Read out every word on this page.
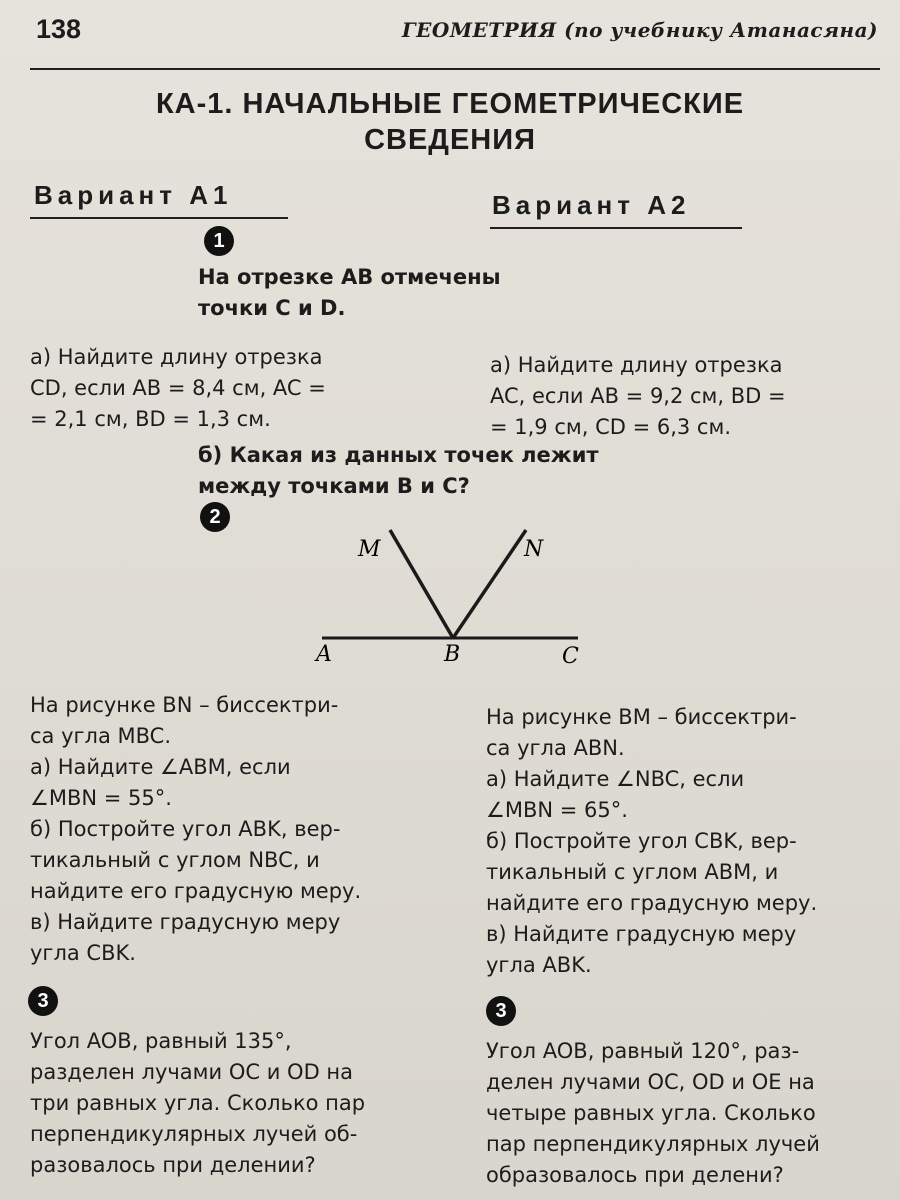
138	ГЕОМЕТРИЯ (по учебнику Атанасяна)
КА-1. НАЧАЛЬНЫЕ ГЕОМЕТРИЧЕСКИЕ
СВЕДЕНИЯ
Вариант А1	Вариант А2
1
На отрезке AB отмечены
точки C и D.
а) Найдите длину отрезка
CD, если AB = 8,4 см, AC =
= 2,1 см, BD = 1,3 см.
а) Найдите длину отрезка
AC, если AB = 9,2 см, BD =
= 1,9 см, CD = 6,3 см.
б) Какая из данных точек лежит
между точками B и C?
2
M	N
A	B	C
На рисунке BN – биссектри-
са угла MBC.
а) Найдите ∠ABM, если
∠MBN = 55°.
б) Постройте угол ABK, вер-
тикальный с углом NBC, и
найдите его градусную меру.
в) Найдите градусную меру
угла CBK.
На рисунке BM – биссектри-
са угла ABN.
а) Найдите ∠NBC, если
∠MBN = 65°.
б) Постройте угол CBK, вер-
тикальный с углом ABM, и
найдите его градусную меру.
в) Найдите градусную меру
угла ABK.
3	3
Угол AOB, равный 135°,
разделен лучами OC и OD на
три равных угла. Сколько пар
перпендикулярных лучей об-
разовалось при делении?
Угол AOB, равный 120°, раз-
делен лучами OC, OD и OE на
четыре равных угла. Сколько
пар перпендикулярных лучей
образовалось при делени?
